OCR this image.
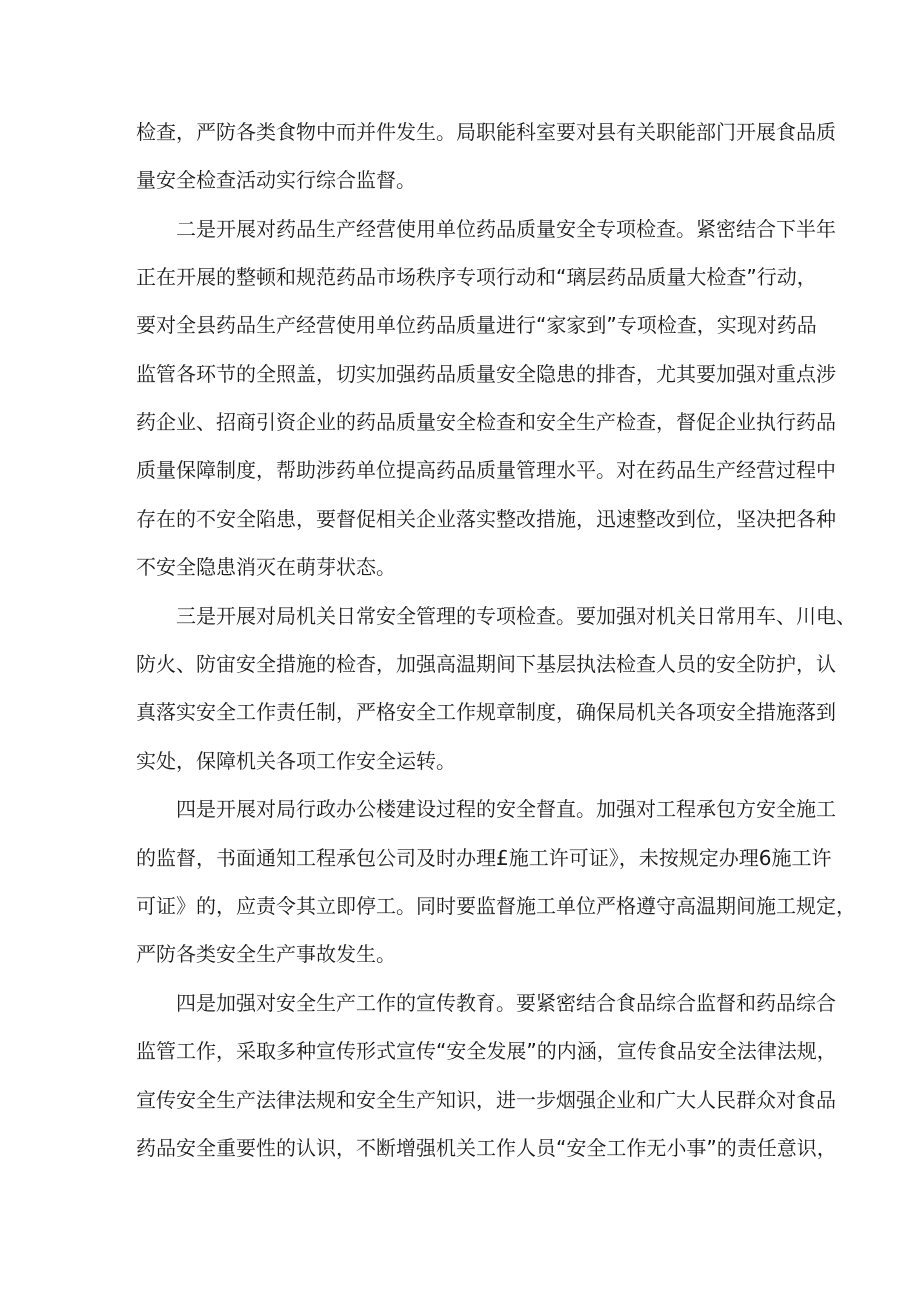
检查，严防各类食物中而并件发生。局职能科室要对县有关职能部门开展食品质
量安全检查活动实行综合监督。
二是开展对药品生产经营使用单位药品质量安全专项检查。紧密结合下半年
正在开展的整顿和规范药品市场秩序专项行动和“璃层药品质量大检查”行动，
要对全县药品生产经营使用单位药品质量进行“家家到”专项检查，实现对药品
监管各环节的全照盖，切实加强药品质量安全隐患的排杳，尤其要加强对重点涉
药企业、招商引资企业的药品质量安全检查和安全生产检查，督促企业执行药品
质量保障制度，帮助涉药单位提高药品质量管理水平。对在药品生产经营过程中
存在的不安全陷患，要督促相关企业落实整改措施，迅速整改到位，坚决把各种
不安全隐患消灭在萌芽状态。
三是开展对局机关日常安全管理的专项检查。要加强对机关日常用车、川电、
防火、防宙安全措施的检杳，加强高温期间下基层执法检查人员的安全防护，认
真落实安全工作责任制，严格安全工作规章制度，确保局机关各项安全措施落到
实处，保障机关各项工作安全运转。
四是开展对局行政办公楼建设过程的安全督直。加强对工程承包方安全施工
的监督，书面通知工程承包公司及时办理£施工许可证》，未按规定办理6施工许
可证》的，应责令其立即停工。同时要监督施工单位严格遵守高温期间施工规定，
严防各类安全生产事故发生。
四是加强对安全生产工作的宣传教育。要紧密结合食品综合监督和药品综合
监管工作，采取多种宣传形式宣传“安全发展”的内涵，宣传食品安全法律法规，
宣传安全生产法律法规和安全生产知识，进一步烟强企业和广大人民群众对食品
药品安全重要性的认识，不断增强机关工作人员“安全工作无小事”的责任意识，
